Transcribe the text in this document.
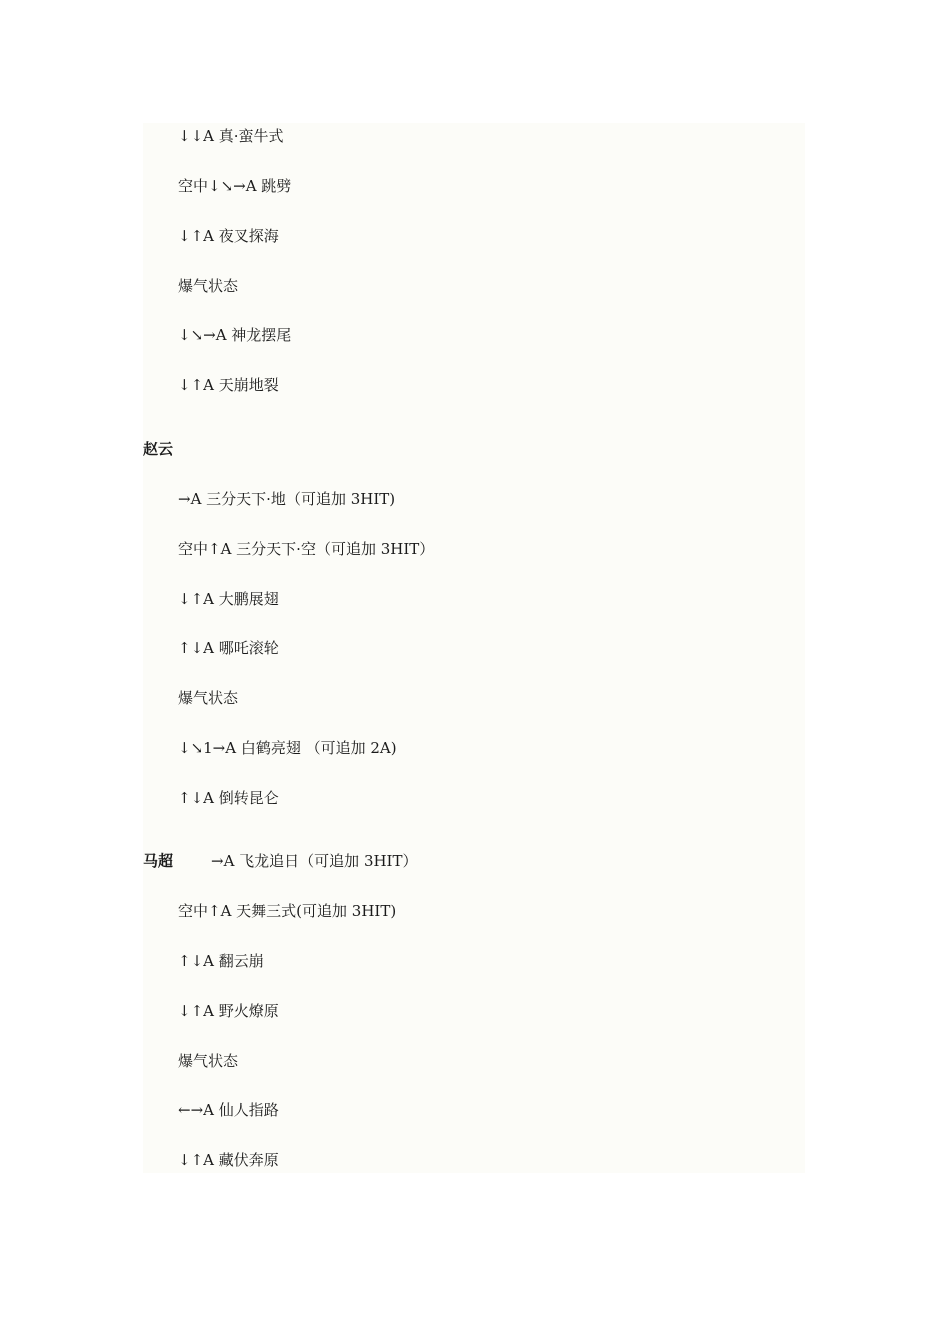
↓↓A 真·蛮牛式
空中↓↘→A 跳劈
↓↑A 夜叉探海
爆气状态
↓↘→A 神龙摆尾
↓↑A 天崩地裂
赵云
→A 三分天下·地（可追加 3HIT)
空中↑A 三分天下·空（可追加 3HIT）
↓↑A 大鹏展翅
↑↓A 哪吒滚轮
爆气状态
↓↘1→A 白鹤亮翅 （可追加 2A)
↑↓A 倒转昆仑
马超	→A 飞龙追日（可追加 3HIT）
空中↑A 天舞三式(可追加 3HIT)
↑↓A 翻云崩
↓↑A 野火燎原
爆气状态
←→A 仙人指路
↓↑A 藏伏奔原
